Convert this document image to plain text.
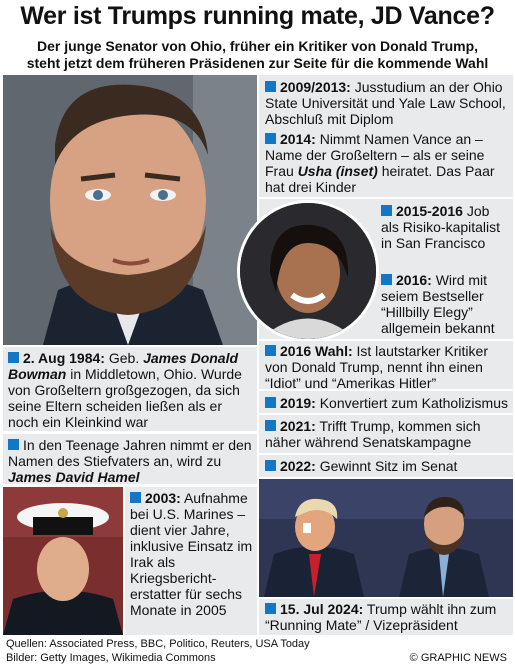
Wer ist Trumps running mate, JD Vance?
Der junge Senator von Ohio, früher ein Kritiker von Donald Trump,
steht jetzt dem früheren Präsidenen zur Seite für die kommende Wahl
2009/2013: Jusstudium an der Ohio State Universität und Yale Law School, Abschluß mit Diplom
2014: Nimmt Namen Vance an – Name der Großeltern – als er seine Frau Usha (inset) heiratet. Das Paar hat drei Kinder
2015-2016 Job als Risiko-kapitalist in San Francisco
2016: Wird mit seiem Bestseller “Hillbilly Elegy” allgemein bekannt
2. Aug 1984: Geb. James Donald Bowman in Middletown, Ohio. Wurde von Großeltern großgezogen, da sich seine Eltern scheiden ließen als er noch ein Kleinkind war
In den Teenage Jahren nimmt er den Namen des Stiefvaters an, wird zu James David Hamel
2003: Aufnahme bei U.S. Marines – dient vier Jahre, inklusive Einsatz im Irak als Kriegsbericht-erstatter für sechs Monate in 2005
2016 Wahl: Ist lautstarker Kritiker von Donald Trump, nennt ihn einen “Idiot” und “Amerikas Hitler”
2019: Konvertiert zum Katholizismus
2021: Trifft Trump, kommen sich näher während Senatskampagne
2022: Gewinnt Sitz im Senat
15. Jul 2024: Trump wählt ihn zum “Running Mate” / Vizepräsident
Quellen: Associated Press, BBC, Politico, Reuters, USA Today
Bilder: Getty Images, Wikimedia Commons	© GRAPHIC NEWS
